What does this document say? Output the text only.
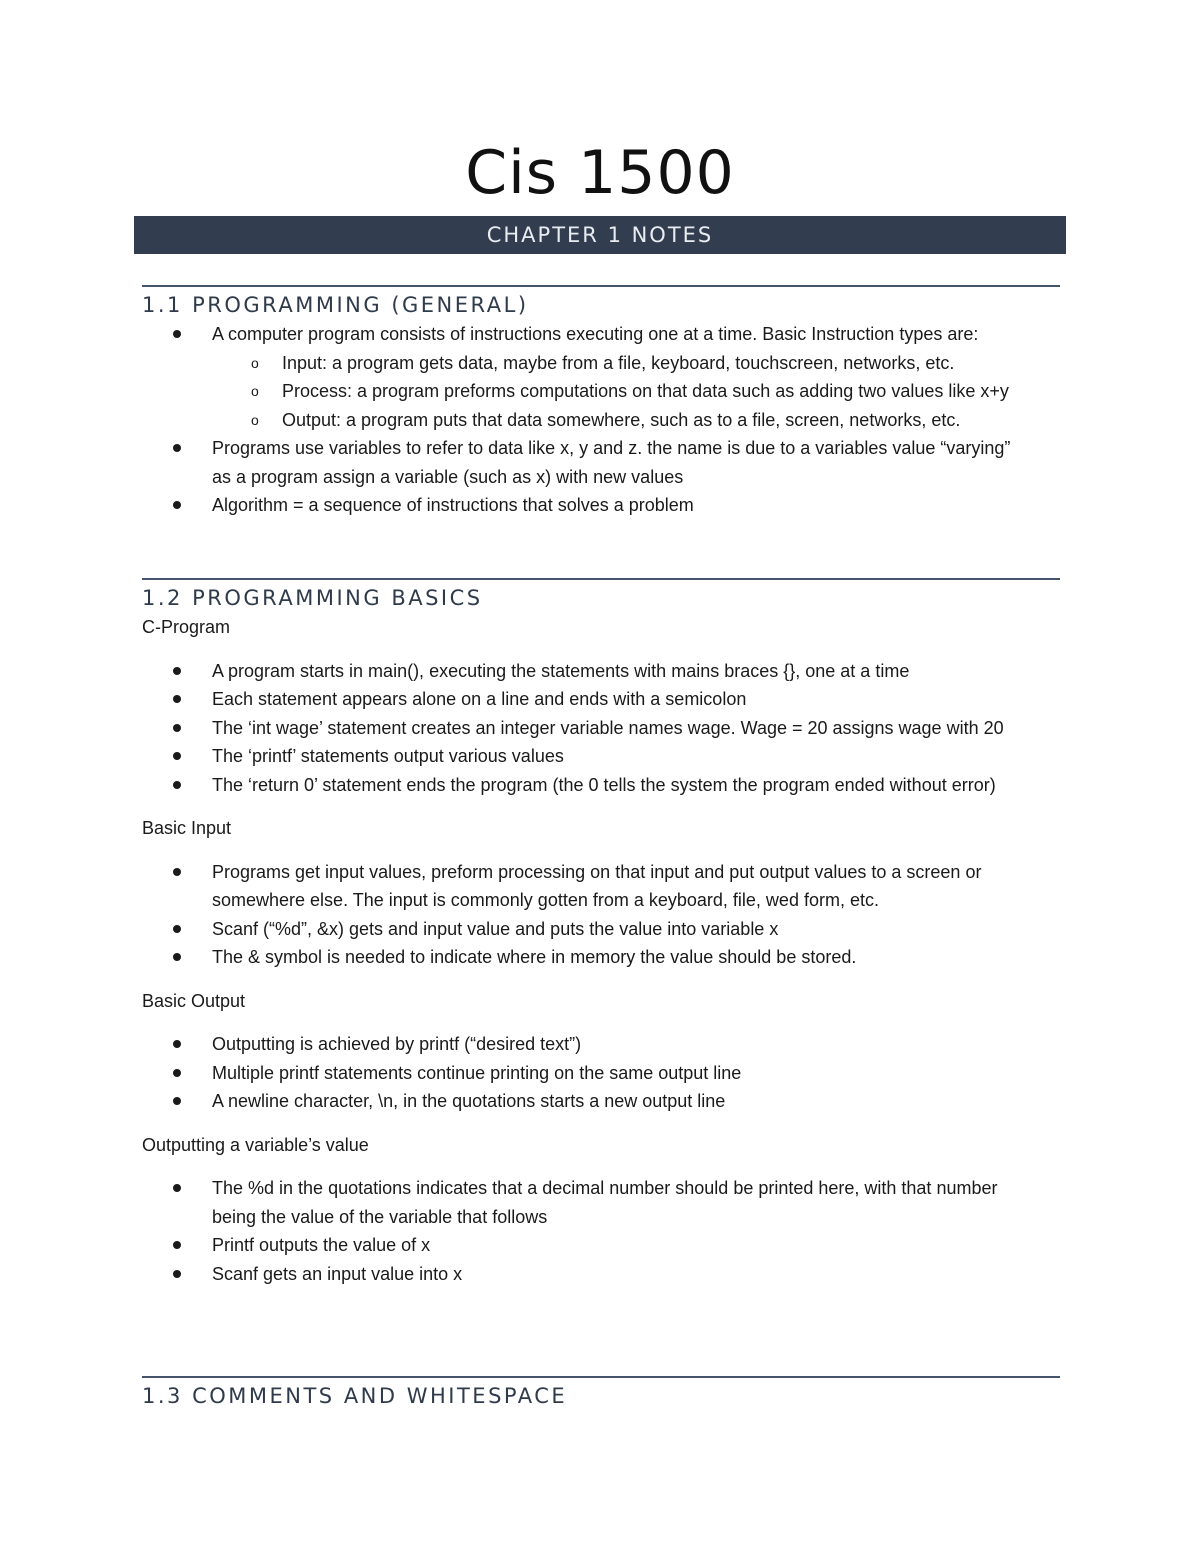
Cis 1500
CHAPTER 1 NOTES
1.1 PROGRAMMING (GENERAL)
A computer program consists of instructions executing one at a time. Basic Instruction types are:
o Input: a program gets data, maybe from a file, keyboard, touchscreen, networks, etc.
o Process: a program preforms computations on that data such as adding two values like x+y
o Output: a program puts that data somewhere, such as to a file, screen, networks, etc.
Programs use variables to refer to data like x, y and z. the name is due to a variables value “varying” as a program assign a variable (such as x) with new values
Algorithm = a sequence of instructions that solves a problem
1.2 PROGRAMMING BASICS
C-Program
A program starts in main(), executing the statements with mains braces {}, one at a time
Each statement appears alone on a line and ends with a semicolon
The ‘int wage’ statement creates an integer variable names wage. Wage = 20 assigns wage with 20
The ‘printf’ statements output various values
The ‘return 0’ statement ends the program (the 0 tells the system the program ended without error)
Basic Input
Programs get input values, preform processing on that input and put output values to a screen or somewhere else. The input is commonly gotten from a keyboard, file, wed form, etc.
Scanf (“%d”, &x) gets and input value and puts the value into variable x
The & symbol is needed to indicate where in memory the value should be stored.
Basic Output
Outputting is achieved by printf (“desired text”)
Multiple printf statements continue printing on the same output line
A newline character, \n, in the quotations starts a new output line
Outputting a variable’s value
The %d in the quotations indicates that a decimal number should be printed here, with that number being the value of the variable that follows
Printf outputs the value of x
Scanf gets an input value into x
1.3 COMMENTS AND WHITESPACE
